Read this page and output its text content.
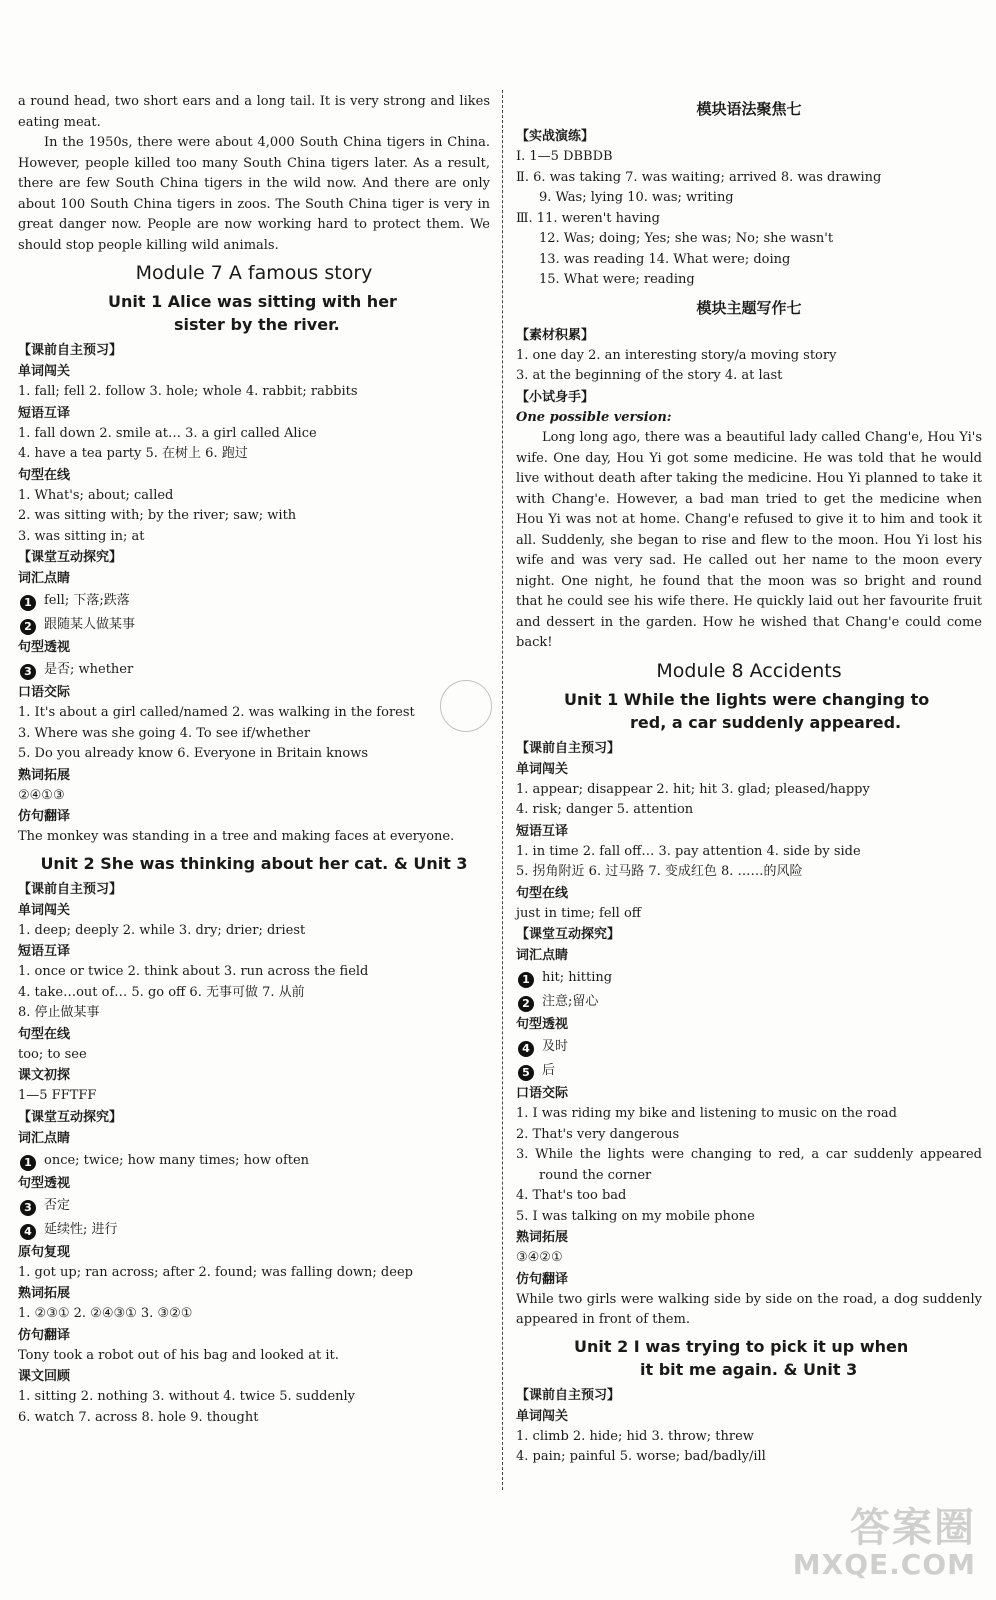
a round head, two short ears and a long tail. It is very strong and likes eating meat.

In the 1950s, there were about 4,000 South China tigers in China. However, people killed too many South China tigers later. As a result, there are few South China tigers in the wild now. And there are only about 100 South China tigers in zoos. The South China tiger is very in great danger now. People are now working hard to protect them. We should stop people killing wild animals.

Module 7 A famous story
Unit 1 Alice was sitting with her
sister by the river.

【课前自主预习】

单词闯关

1. fall; fell 2. follow 3. hole; whole 4. rabbit; rabbits

短语互译

1. fall down 2. smile at… 3. a girl called Alice

4. have a tea party 5. 在树上 6. 跑过

句型在线

1. What's; about; called

2. was sitting with; by the river; saw; with

3. was sitting in; at

【课堂互动探究】

词汇点睛

1 fell; 下落;跌落

2 跟随某人做某事

句型透视

3 是否; whether

口语交际

1. It's about a girl called/named 2. was walking in the forest

3. Where was she going 4. To see if/whether

5. Do you already know 6. Everyone in Britain knows

熟词拓展

②④①③

仿句翻译

The monkey was standing in a tree and making faces at everyone.

Unit 2 She was thinking about her cat. & Unit 3

【课前自主预习】

单词闯关

1. deep; deeply 2. while 3. dry; drier; driest

短语互译

1. once or twice 2. think about 3. run across the field

4. take…out of… 5. go off 6. 无事可做 7. 从前

8. 停止做某事

句型在线

too; to see

课文初探

1—5 FFTFF

【课堂互动探究】

词汇点睛

1 once; twice; how many times; how often

句型透视

3 否定

4 延续性; 进行

原句复现

1. got up; ran across; after 2. found; was falling down; deep

熟词拓展

1. ②③① 2. ②④③① 3. ③②①

仿句翻译

Tony took a robot out of his bag and looked at it.

课文回顾

1. sitting 2. nothing 3. without 4. twice 5. suddenly

6. watch 7. across 8. hole 9. thought

模块语法聚焦七

【实战演练】

Ⅰ. 1—5 DBBDB

Ⅱ. 6. was taking 7. was waiting; arrived 8. was drawing

9. Was; lying 10. was; writing

Ⅲ. 11. weren't having

12. Was; doing; Yes; she was; No; she wasn't

13. was reading 14. What were; doing

15. What were; reading

模块主题写作七

【素材积累】

1. one day 2. an interesting story/a moving story

3. at the beginning of the story 4. at last

【小试身手】

One possible version:

Long long ago, there was a beautiful lady called Chang'e, Hou Yi's wife. One day, Hou Yi got some medicine. He was told that he would live without death after taking the medicine. Hou Yi planned to take it with Chang'e. However, a bad man tried to get the medicine when Hou Yi was not at home. Chang'e refused to give it to him and took it all. Suddenly, she began to rise and flew to the moon. Hou Yi lost his wife and was very sad. He called out her name to the moon every night. One night, he found that the moon was so bright and round that he could see his wife there. He quickly laid out her favourite fruit and dessert in the garden. How he wished that Chang'e could come back!

Module 8 Accidents
Unit 1 While the lights were changing to
red, a car suddenly appeared.

【课前自主预习】

单词闯关

1. appear; disappear 2. hit; hit 3. glad; pleased/happy

4. risk; danger 5. attention

短语互译

1. in time 2. fall off… 3. pay attention 4. side by side

5. 拐角附近 6. 过马路 7. 变成红色 8. ……的风险

句型在线

just in time; fell off

【课堂互动探究】

词汇点睛

1 hit; hitting

2 注意;留心

句型透视

4 及时

5 后

口语交际

1. I was riding my bike and listening to music on the road

2. That's very dangerous

3. While the lights were changing to red, a car suddenly appeared round the corner

4. That's too bad

5. I was talking on my mobile phone

熟词拓展

③④②①

仿句翻译

While two girls were walking side by side on the road, a dog suddenly appeared in front of them.

Unit 2 I was trying to pick it up when
it bit me again. & Unit 3

【课前自主预习】

单词闯关

1. climb 2. hide; hid 3. throw; threw

4. pain; painful 5. worse; bad/badly/ill

答案圈
MXQE.COM
